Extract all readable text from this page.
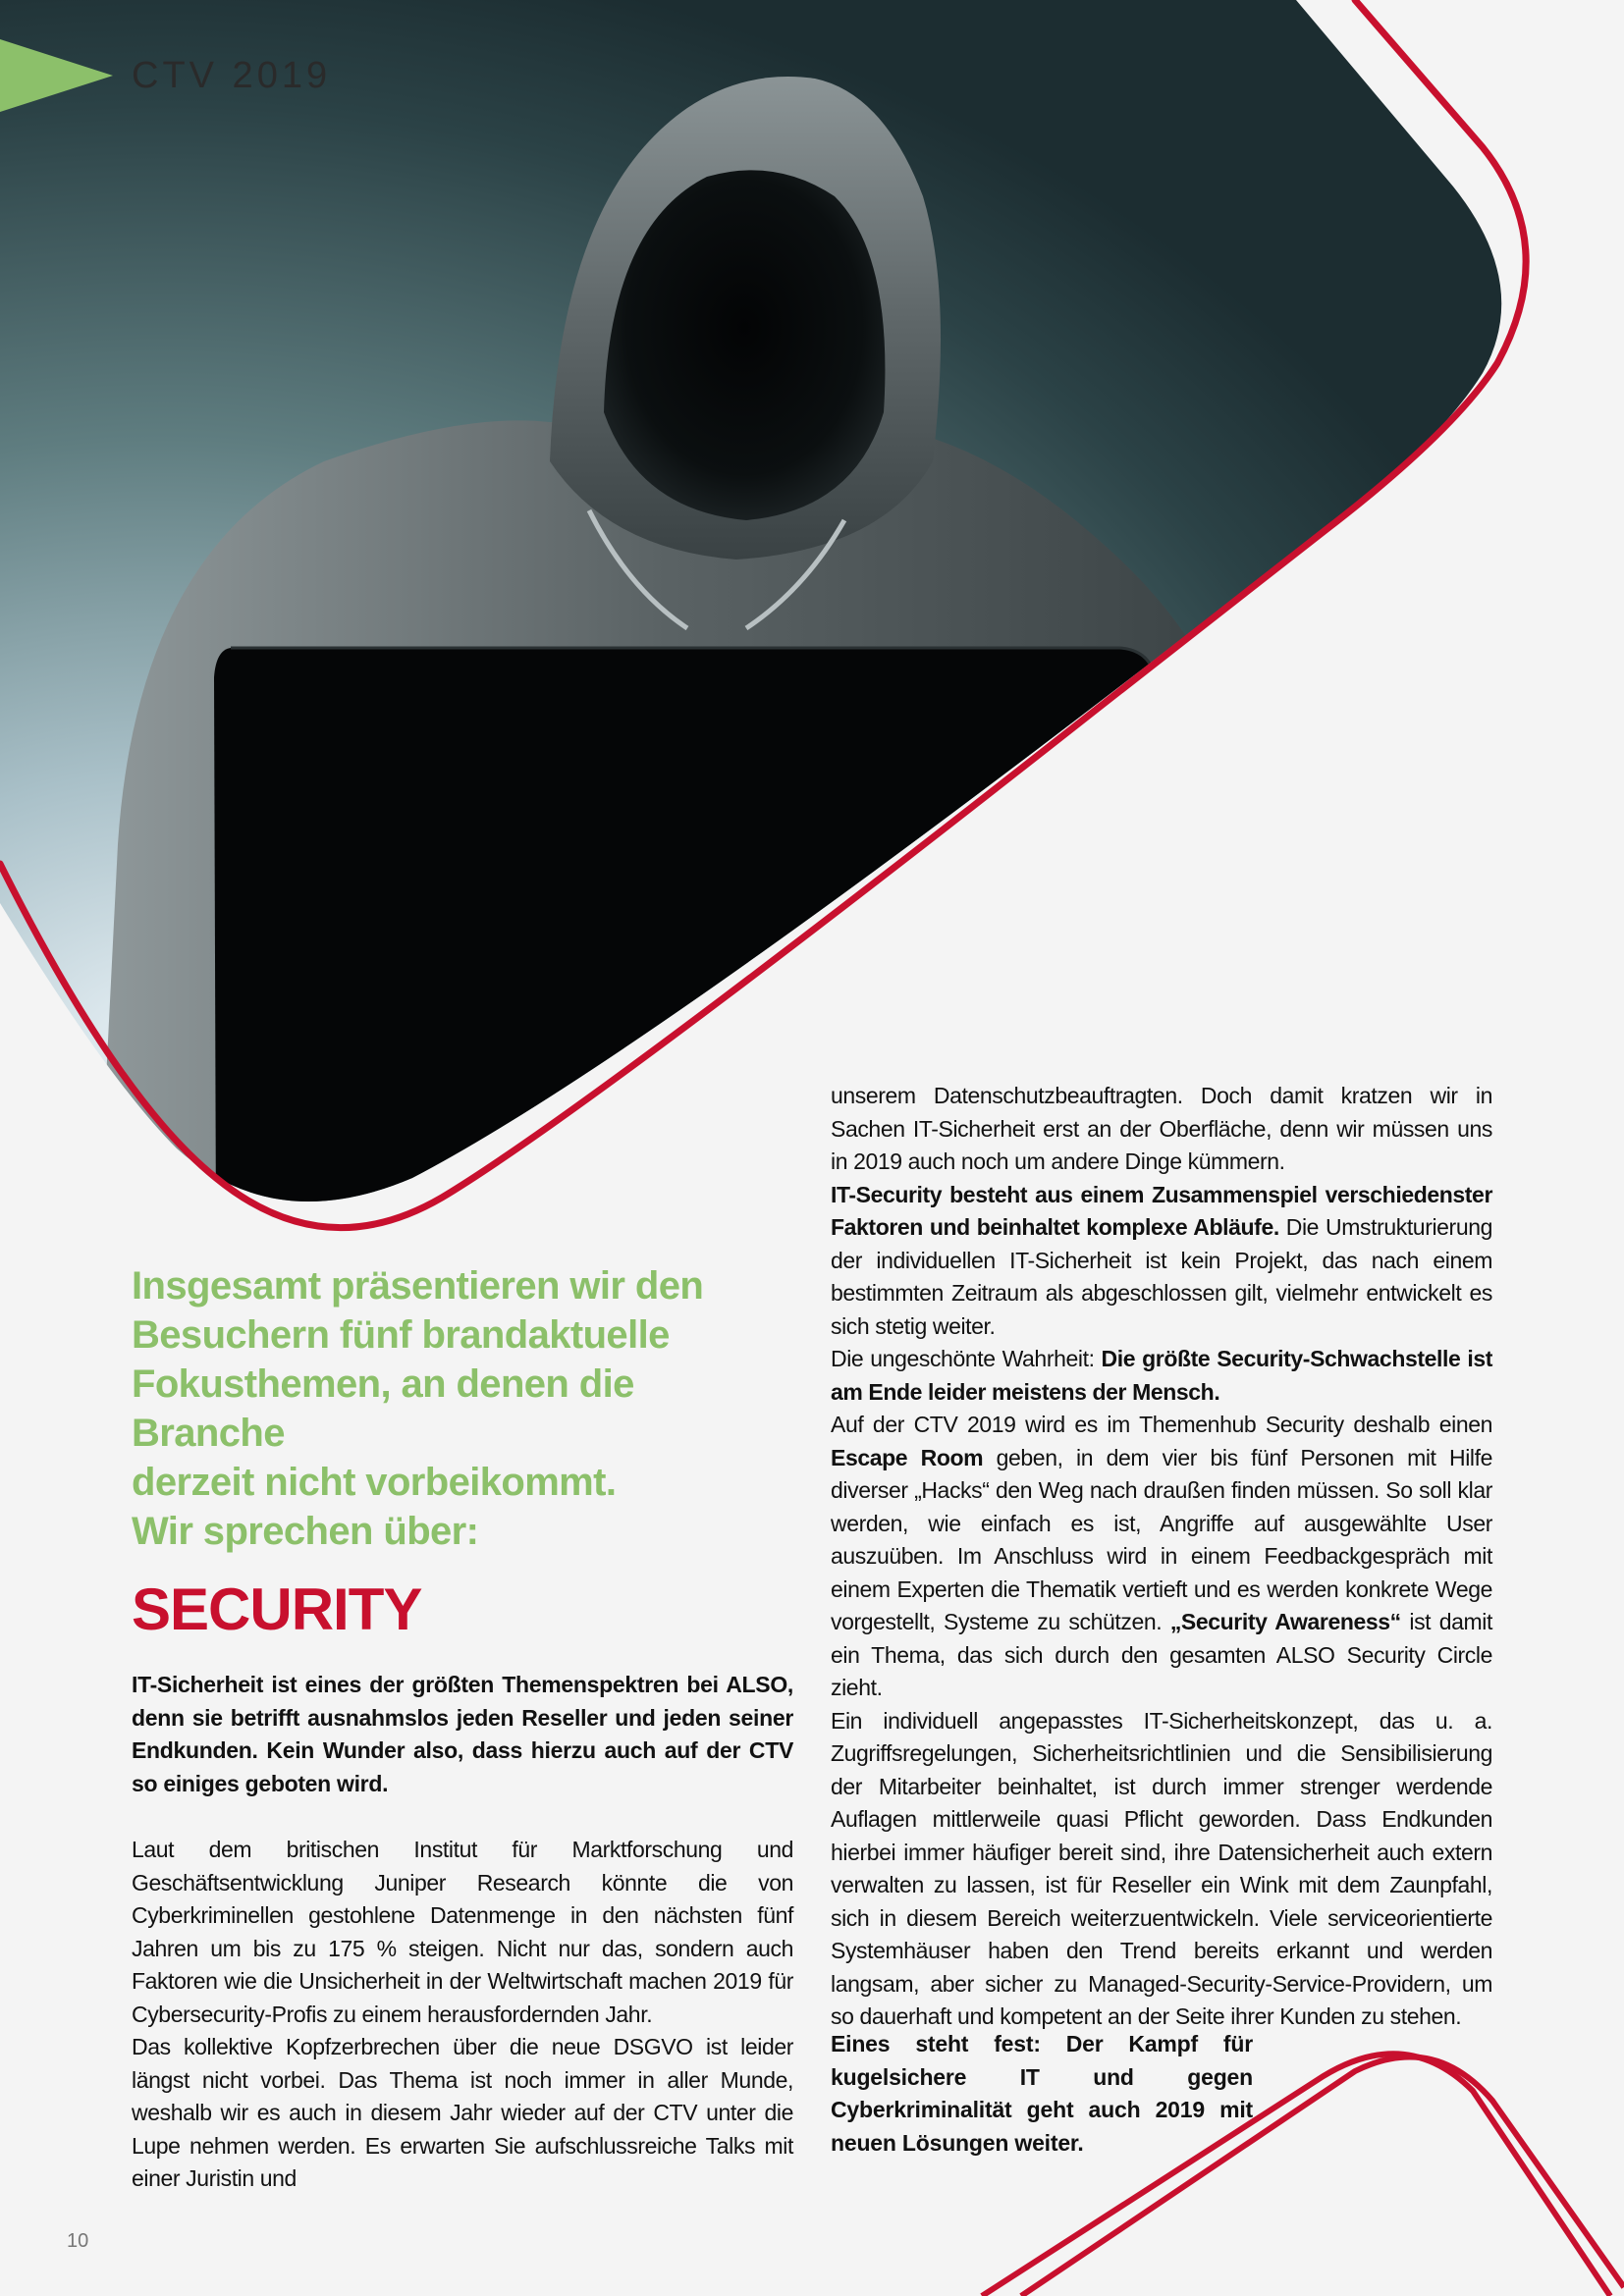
CTV 2019
Insgesamt präsentieren wir den
Besuchern fünf brandaktuelle
Fokusthemen, an denen die Branche
derzeit nicht vorbeikommt.
Wir sprechen über:
SECURITY
IT-Sicherheit ist eines der größten Themenspektren bei ALSO, denn sie betrifft ausnahmslos jeden Reseller und jeden seiner Endkunden. Kein Wunder also, dass hierzu auch auf der CTV so einiges geboten wird.

Laut dem britischen Institut für Marktforschung und Geschäftsentwicklung Juniper Research könnte die von Cyberkriminellen gestohlene Datenmenge in den nächsten fünf Jahren um bis zu 175 % steigen. Nicht nur das, sondern auch Faktoren wie die Unsicherheit in der Weltwirtschaft machen 2019 für Cybersecurity-Profis zu einem herausfordernden Jahr.

Das kollektive Kopfzerbrechen über die neue DSGVO ist leider längst nicht vorbei. Das Thema ist noch immer in aller Munde, weshalb wir es auch in diesem Jahr wieder auf der CTV unter die Lupe nehmen werden. Es erwarten Sie aufschlussreiche Talks mit einer Juristin und

unserem Datenschutzbeauftragten. Doch damit kratzen wir in Sachen IT-Sicherheit erst an der Oberfläche, denn wir müssen uns in 2019 auch noch um andere Dinge kümmern.

IT-Security besteht aus einem Zusammenspiel verschiedenster Faktoren und beinhaltet komplexe Abläufe. Die Umstrukturierung der individuellen IT-Sicherheit ist kein Projekt, das nach einem bestimmten Zeitraum als abgeschlossen gilt, vielmehr entwickelt es sich stetig weiter.

Die ungeschönte Wahrheit: Die größte Security-Schwachstelle ist am Ende leider meistens der Mensch.

Auf der CTV 2019 wird es im Themenhub Security deshalb einen Escape Room geben, in dem vier bis fünf Personen mit Hilfe diverser „Hacks“ den Weg nach draußen finden müssen. So soll klar werden, wie einfach es ist, Angriffe auf ausgewählte User auszuüben. Im Anschluss wird in einem Feedbackgespräch mit einem Experten die Thematik vertieft und es werden konkrete Wege vorgestellt, Systeme zu schützen. „Security Awareness“ ist damit ein Thema, das sich durch den gesamten ALSO Security Circle zieht.

Ein individuell angepasstes IT-Sicherheitskonzept, das u. a. Zugriffsregelungen, Sicherheitsrichtlinien und die Sensibilisierung der Mitarbeiter beinhaltet, ist durch immer strenger werdende Auflagen mittlerweile quasi Pflicht geworden. Dass Endkunden hierbei immer häufiger bereit sind, ihre Datensicherheit auch extern verwalten zu lassen, ist für Reseller ein Wink mit dem Zaunpfahl, sich in diesem Bereich weiterzuentwickeln. Viele serviceorientierte Systemhäuser haben den Trend bereits erkannt und werden langsam, aber sicher zu Managed-Security-Service-Providern, um so dauerhaft und kompetent an der Seite ihrer Kunden zu stehen.

Eines steht fest: Der Kampf für kugelsichere IT und gegen Cyberkriminalität geht auch 2019 mit neuen Lösungen weiter.
10
